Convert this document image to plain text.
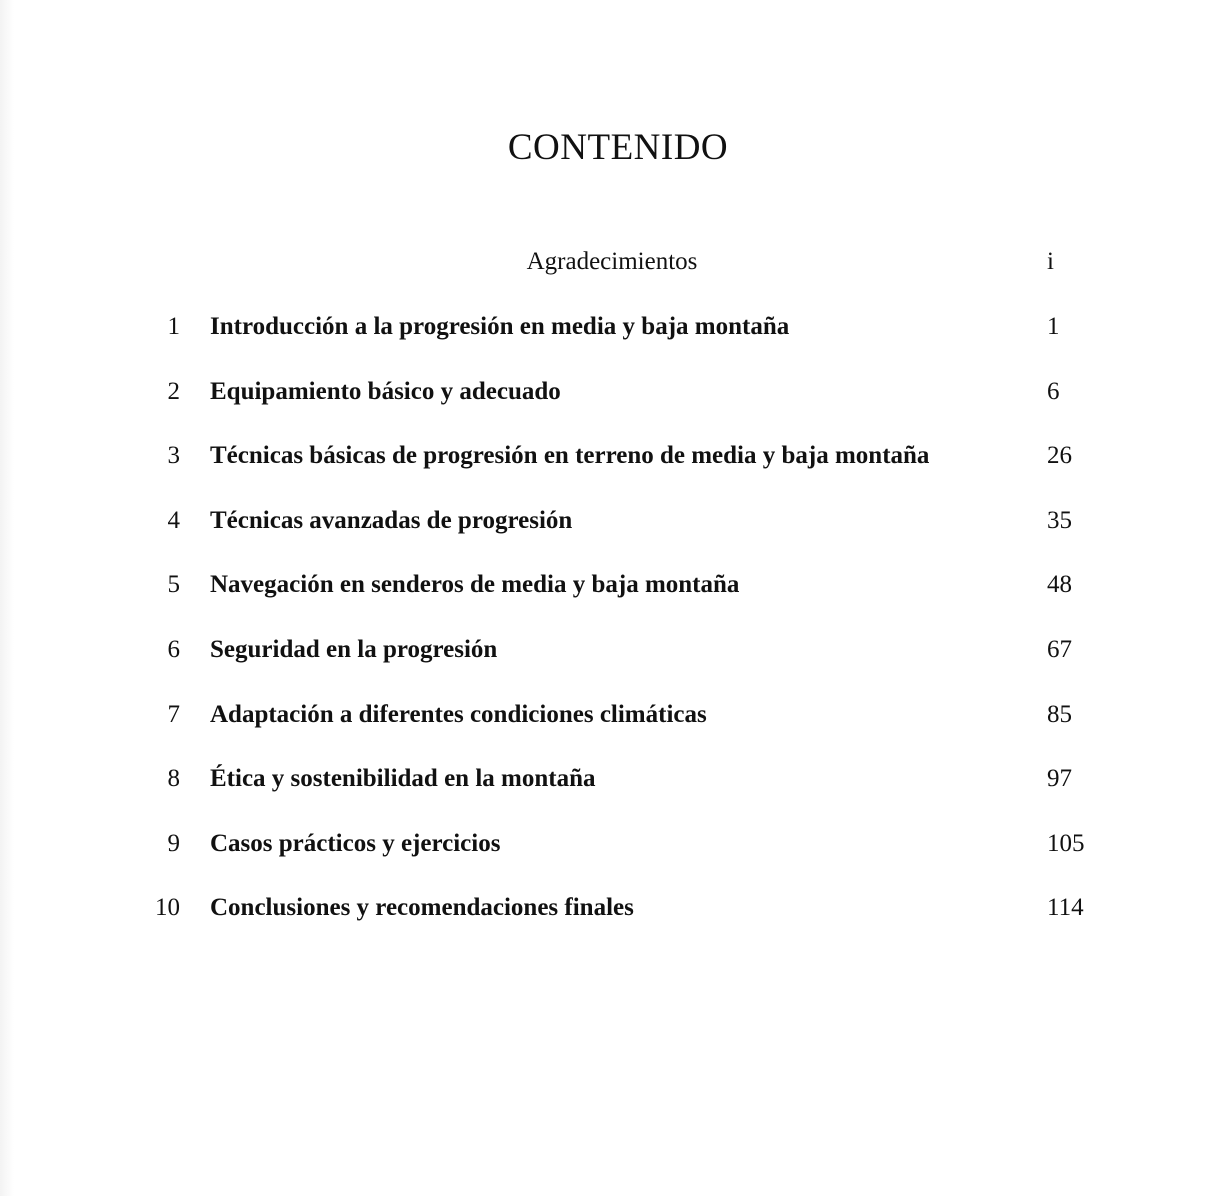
CONTENIDO
Agradecimientos	i
1 Introducción a la progresión en media y baja montaña	1
2 Equipamiento básico y adecuado	6
3 Técnicas básicas de progresión en terreno de media y baja montaña	26
4 Técnicas avanzadas de progresión	35
5 Navegación en senderos de media y baja montaña	48
6 Seguridad en la progresión	67
7 Adaptación a diferentes condiciones climáticas	85
8 Ética y sostenibilidad en la montaña	97
9 Casos prácticos y ejercicios	105
10 Conclusiones y recomendaciones finales	114
